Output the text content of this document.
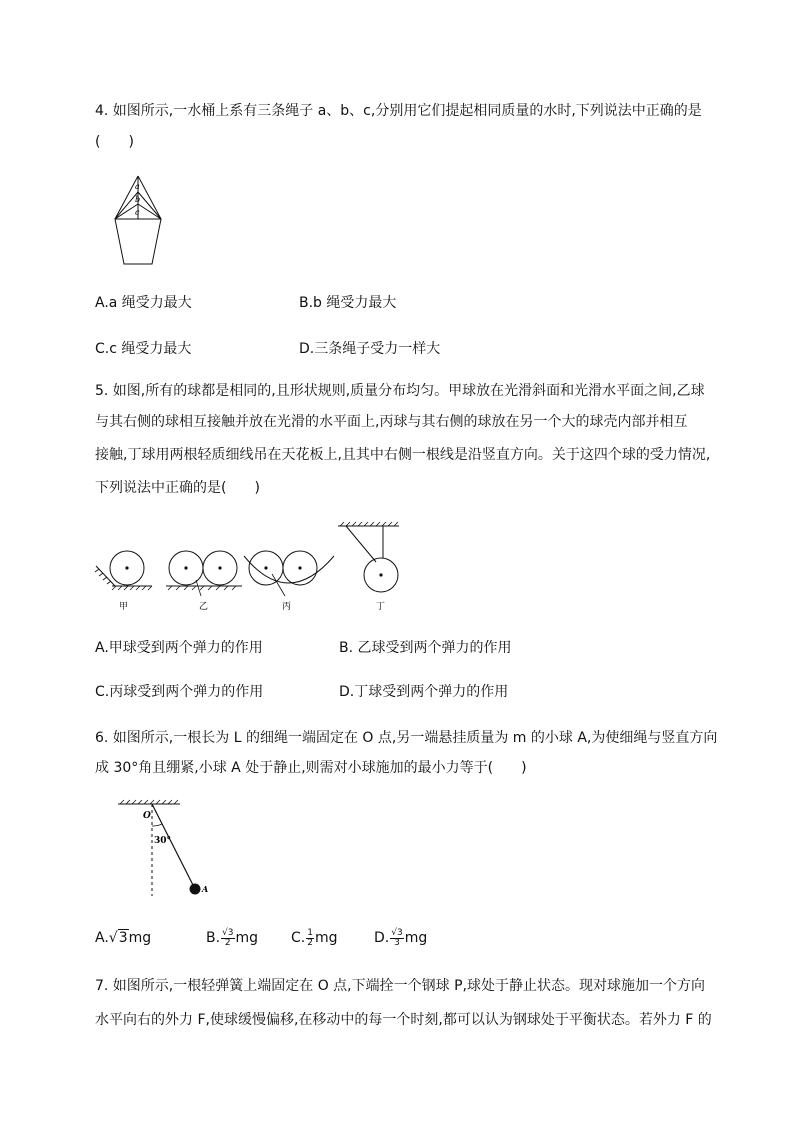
4. 如图所示,一水桶上系有三条绳子 a、b、c,分别用它们提起相同质量的水时,下列说法中正确的是
(　　)
a
b
c
A.a 绳受力最大	B.b 绳受力最大
C.c 绳受力最大	D.三条绳子受力一样大
5. 如图,所有的球都是相同的,且形状规则,质量分布均匀。甲球放在光滑斜面和光滑水平面之间,乙球
与其右侧的球相互接触并放在光滑的水平面上,丙球与其右侧的球放在另一个大的球壳内部并相互
接触,丁球用两根轻质细线吊在天花板上,且其中右侧一根线是沿竖直方向。关于这四个球的受力情况,
下列说法中正确的是(　　)
甲	乙	丙	丁
A.甲球受到两个弹力的作用	B. 乙球受到两个弹力的作用
C.丙球受到两个弹力的作用	D.丁球受到两个弹力的作用
6. 如图所示,一根长为 L 的细绳一端固定在 O 点,另一端悬挂质量为 m 的小球 A,为使细绳与竖直方向
成 30°角且绷紧,小球 A 处于静止,则需对小球施加的最小力等于(　　)
O
30°
A
A.√3mg	B. $\frac{√3}{2}$ mg C. $\frac{1}{2}$ mg	D. $\frac{√3}{3}$ mg
7. 如图所示,一根轻弹簧上端固定在 O 点,下端拴一个钢球 P,球处于静止状态。现对球施加一个方向
水平向右的外力 F,使球缓慢偏移,在移动中的每一个时刻,都可以认为钢球处于平衡状态。若外力 F 的
